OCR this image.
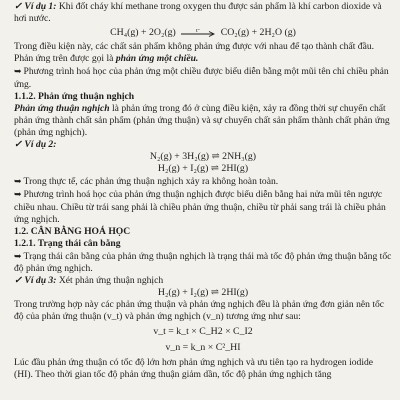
✓ Ví dụ 1: Khi đốt cháy khí methane trong oxygen thu được sản phẩm là khí carbon dioxide và hơi nước.

CH₄(g) + 2O₂(g)	t° CO₂(g) + 2H₂O (g)

Trong điều kiện này, các chất sản phẩm không phản ứng được với nhau để tạo thành chất đầu. Phản ứng trên được gọi là phản ứng một chiều.

➥ Phương trình hoá học của phản ứng một chiều được biểu diễn bằng một mũi tên chỉ chiều phản ứng.

1.1.2. Phản ứng thuận nghịch

Phản ứng thuận nghịch là phản ứng trong đó ở cùng điều kiện, xảy ra đồng thời sự chuyển chất phản ứng thành chất sản phẩm (phản ứng thuận) và sự chuyển chất sản phẩm thành chất phản ứng (phản ứng nghịch).

✓ Ví dụ 2:

N₂(g) + 3H₂(g) ⇌ 2NH₃(g)

H₂(g) + I₂(g) ⇌ 2HI(g)

➥ Trong thực tế, các phản ứng thuận nghịch xảy ra không hoàn toàn.

➥ Phương trình hoá học của phản ứng thuận nghịch được biểu diễn bằng hai nửa mũi tên ngược chiều nhau. Chiều từ trái sang phải là chiều phản ứng thuận, chiều từ phải sang trái là chiều phản ứng nghịch.

1.2. CÂN BẰNG HOÁ HỌC

1.2.1. Trạng thái cân bằng

➥ Trạng thái cân bằng của phản ứng thuận nghịch là trạng thái mà tốc độ phản ứng thuận bằng tốc độ phản ứng nghịch.

✓ Ví dụ 3: Xét phản ứng thuận nghịch

H₂(g) + I₂(g) ⇌ 2HI(g)

Trong trường hợp này các phản ứng thuận và phản ứng nghịch đều là phản ứng đơn giản nên tốc độ của phản ứng thuận (v_t) và phản ứng nghịch (v_n) tương ứng như sau:

v_t = k_t × C_H2 × C_I2

v_n = k_n × C²_HI

Lúc đầu phản ứng thuận có tốc độ lớn hơn phản ứng nghịch và ưu tiên tạo ra hydrogen iodide (HI). Theo thời gian tốc độ phản ứng thuận giảm dần, tốc độ phản ứng nghịch tăng
